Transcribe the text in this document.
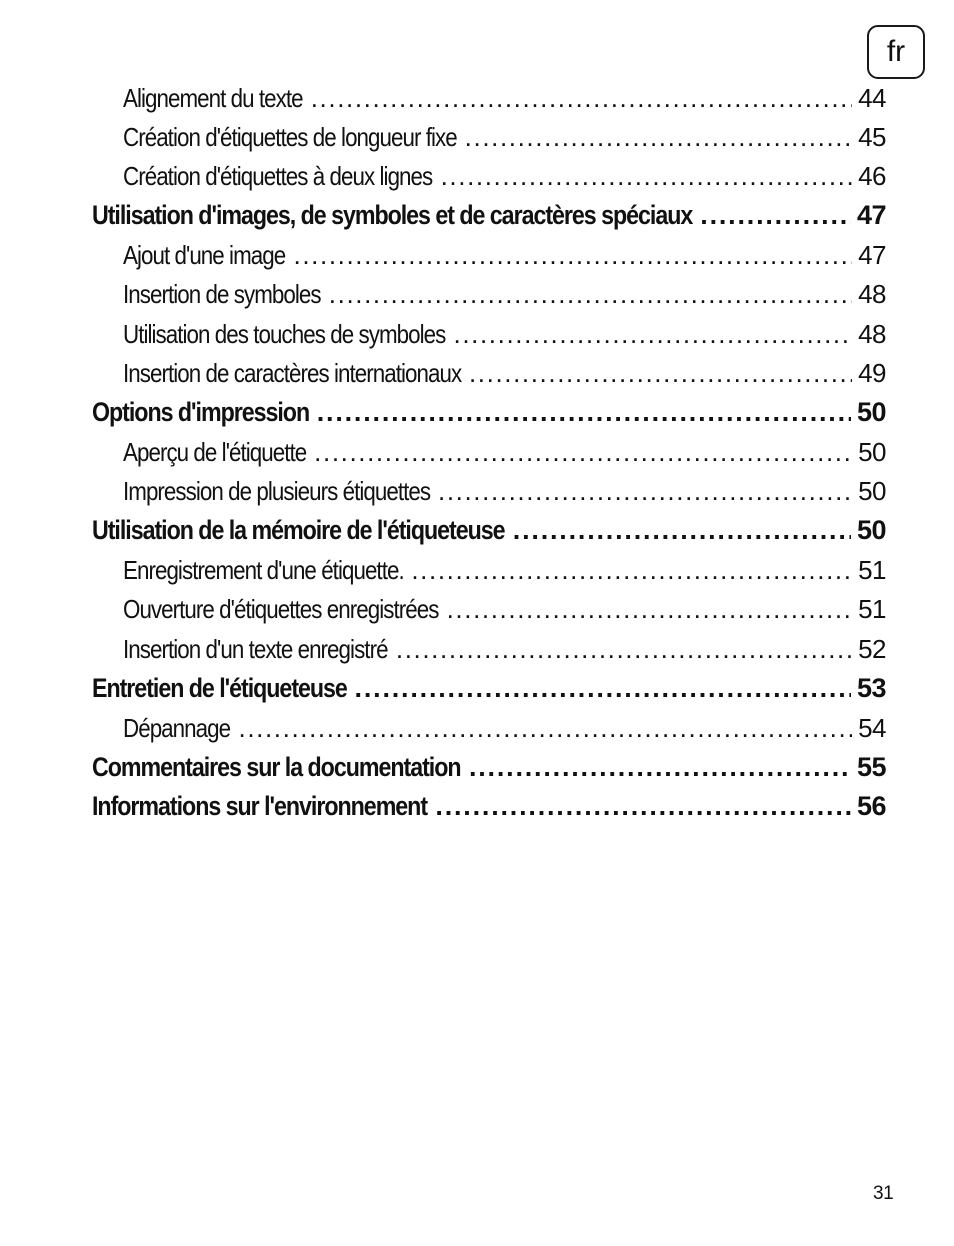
fr
Alignement du texte .....	44
Création d'étiquettes de longueur fixe .....	45
Création d'étiquettes à deux lignes .....	46
Utilisation d'images, de symboles et de caractères spéciaux .....	47
Ajout d'une image .....	47
Insertion de symboles .....	48
Utilisation des touches de symboles .....	48
Insertion de caractères internationaux .....	49
Options d'impression .....	50
Aperçu de l'étiquette .....	50
Impression de plusieurs étiquettes .....	50
Utilisation de la mémoire de l'étiqueteuse .....	50
Enregistrement d'une étiquette. .....	51
Ouverture d'étiquettes enregistrées .....	51
Insertion d'un texte enregistré .....	52
Entretien de l'étiqueteuse .....	53
Dépannage .....	54
Commentaires sur la documentation .....	55
Informations sur l'environnement .....	56
31
